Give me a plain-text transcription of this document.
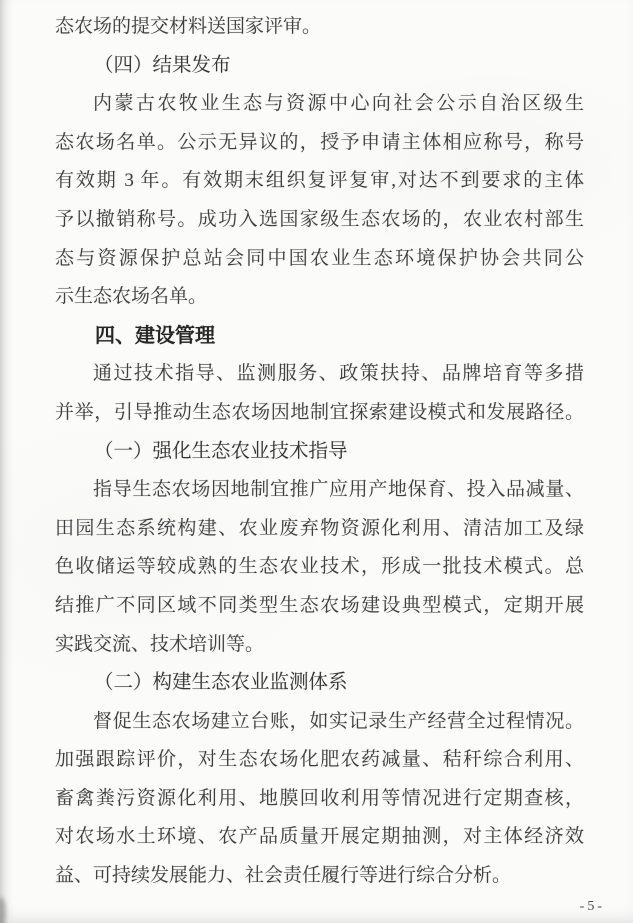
态农场的提交材料送国家评审。
（四）结果发布
内蒙古农牧业生态与资源中心向社会公示自治区级生
态农场名单。公示无异议的，授予申请主体相应称号，称号
有效期 3 年。有效期末组织复评复审,对达不到要求的主体
予以撤销称号。成功入选国家级生态农场的，农业农村部生
态与资源保护总站会同中国农业生态环境保护协会共同公
示生态农场名单。
四、建设管理
通过技术指导、监测服务、政策扶持、品牌培育等多措
并举，引导推动生态农场因地制宜探索建设模式和发展路径。
（一）强化生态农业技术指导
指导生态农场因地制宜推广应用产地保育、投入品减量、
田园生态系统构建、农业废弃物资源化利用、清洁加工及绿
色收储运等较成熟的生态农业技术，形成一批技术模式。总
结推广不同区域不同类型生态农场建设典型模式，定期开展
实践交流、技术培训等。
（二）构建生态农业监测体系
督促生态农场建立台账，如实记录生产经营全过程情况。
加强跟踪评价，对生态农场化肥农药减量、秸秆综合利用、
畜禽粪污资源化利用、地膜回收利用等情况进行定期查核，
对农场水土环境、农产品质量开展定期抽测，对主体经济效
益、可持续发展能力、社会责任履行等进行综合分析。
-5-
